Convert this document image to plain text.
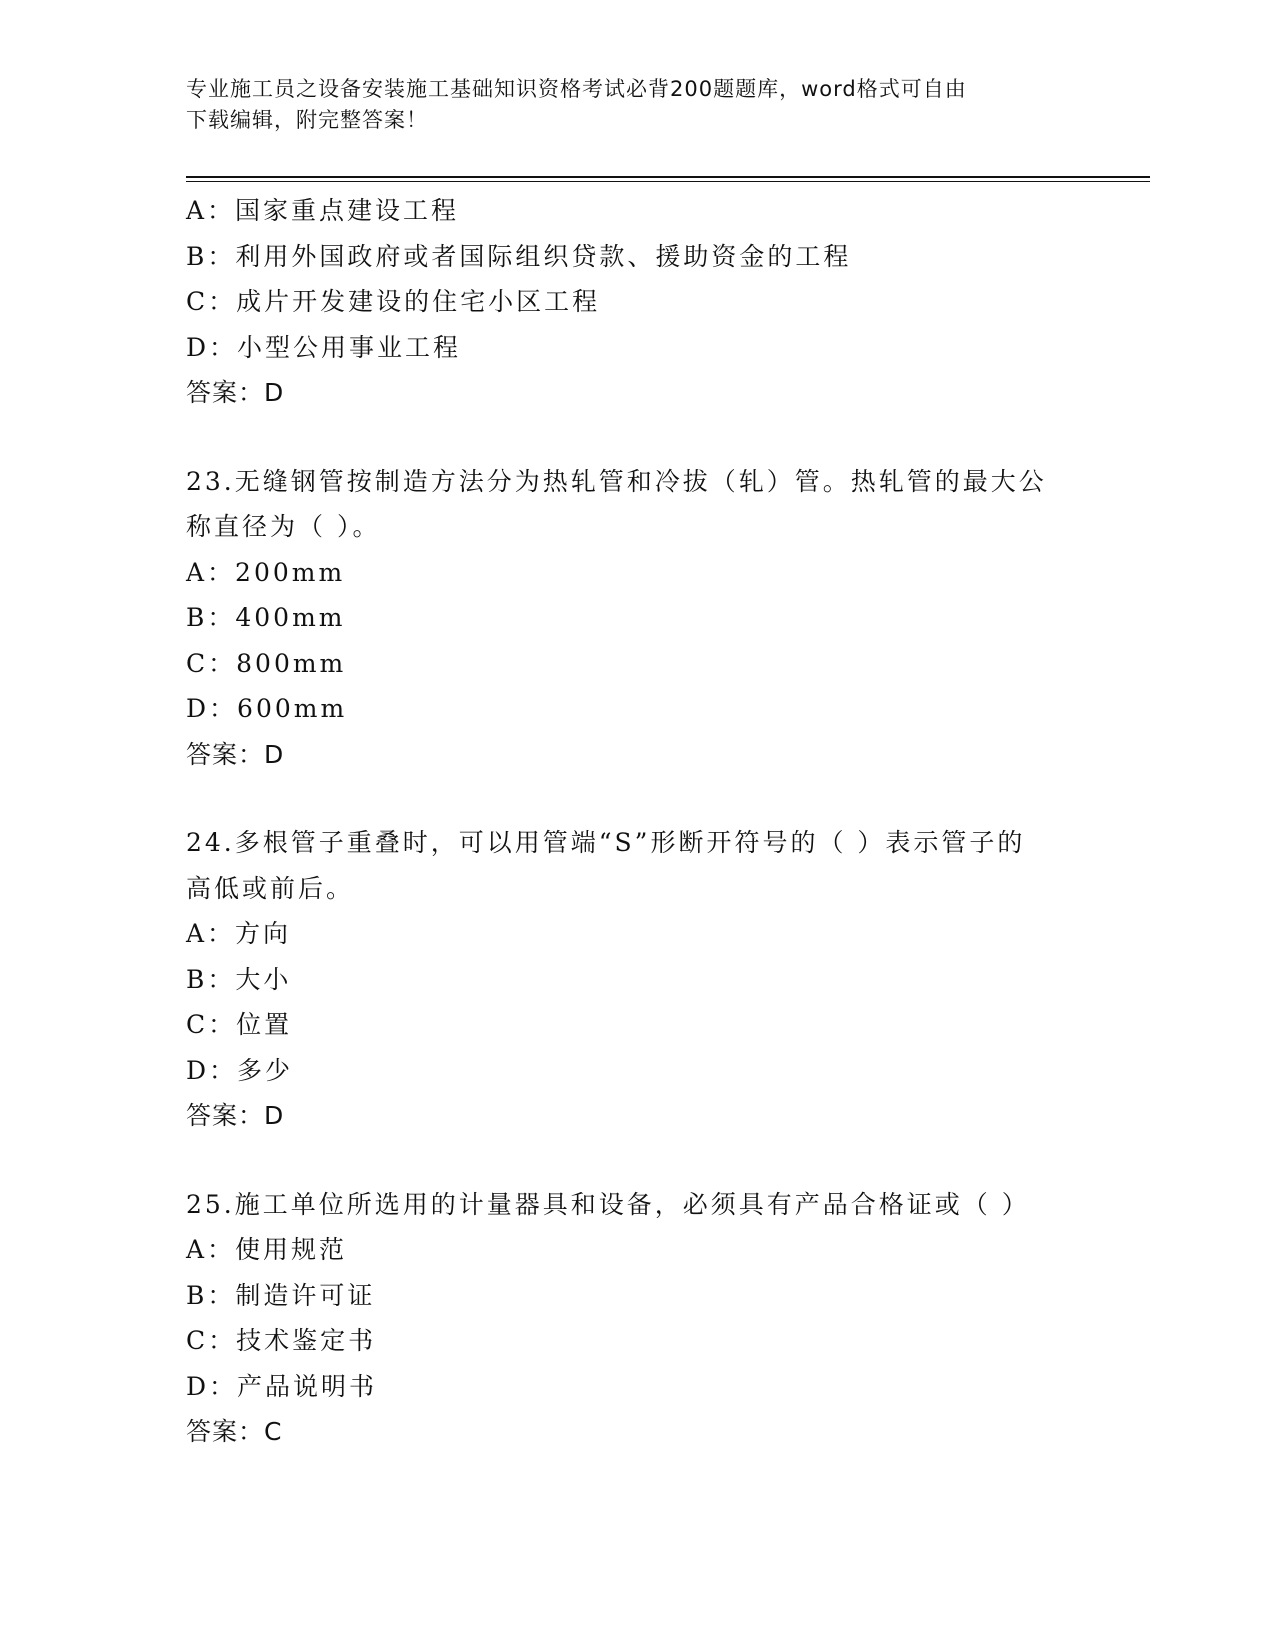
专业施工员之设备安装施工基础知识资格考试必背200题题库，word格式可自由
下载编辑，附完整答案！
A：国家重点建设工程
B：利用外国政府或者国际组织贷款、援助资金的工程
C：成片开发建设的住宅小区工程
D：小型公用事业工程
答案：D
23.无缝钢管按制造方法分为热轧管和冷拔（轧）管。热轧管的最大公
称直径为（ ）。
A：200mm
B：400mm
C：800mm
D：600mm
答案：D
24.多根管子重叠时，可以用管端“S”形断开符号的（ ）表示管子的
高低或前后。
A：方向
B：大小
C：位置
D：多少
答案：D
25.施工单位所选用的计量器具和设备，必须具有产品合格证或（ ）
A：使用规范
B：制造许可证
C：技术鉴定书
D：产品说明书
答案：C
